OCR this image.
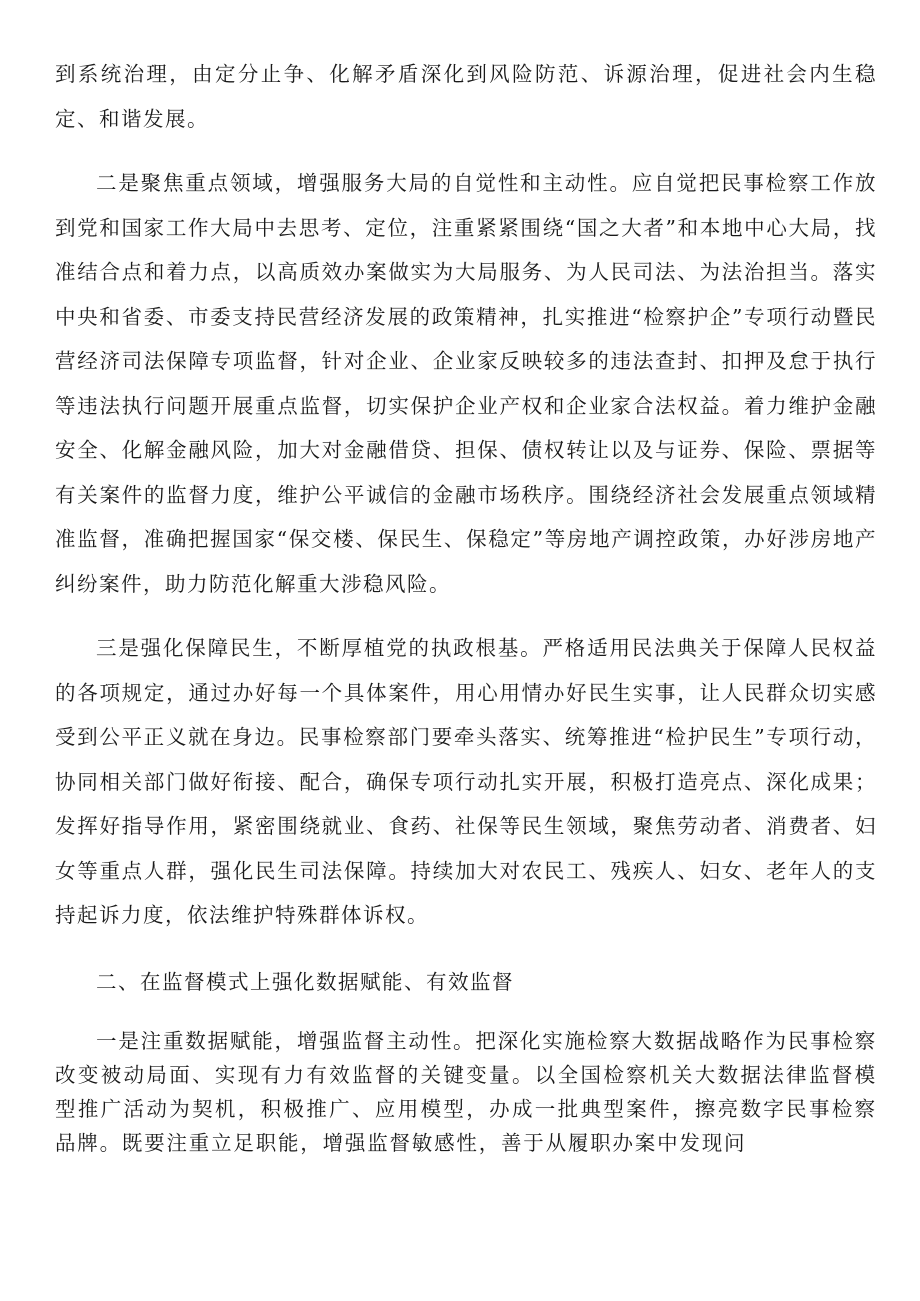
到系统治理，由定分止争、化解矛盾深化到风险防范、诉源治理，促进社会内生稳定、和谐发展。

二是聚焦重点领域，增强服务大局的自觉性和主动性。应自觉把民事检察工作放到党和国家工作大局中去思考、定位，注重紧紧围绕“国之大者”和本地中心大局，找准结合点和着力点，以高质效办案做实为大局服务、为人民司法、为法治担当。落实中央和省委、市委支持民营经济发展的政策精神，扎实推进“检察护企”专项行动暨民营经济司法保障专项监督，针对企业、企业家反映较多的违法查封、扣押及怠于执行等违法执行问题开展重点监督，切实保护企业产权和企业家合法权益。着力维护金融安全、化解金融风险，加大对金融借贷、担保、债权转让以及与证券、保险、票据等有关案件的监督力度，维护公平诚信的金融市场秩序。围绕经济社会发展重点领域精准监督，准确把握国家“保交楼、保民生、保稳定”等房地产调控政策，办好涉房地产纠纷案件，助力防范化解重大涉稳风险。

三是强化保障民生，不断厚植党的执政根基。严格适用民法典关于保障人民权益的各项规定，通过办好每一个具体案件，用心用情办好民生实事，让人民群众切实感受到公平正义就在身边。民事检察部门要牵头落实、统筹推进“检护民生”专项行动，协同相关部门做好衔接、配合，确保专项行动扎实开展，积极打造亮点、深化成果；发挥好指导作用，紧密围绕就业、食药、社保等民生领域，聚焦劳动者、消费者、妇女等重点人群，强化民生司法保障。持续加大对农民工、残疾人、妇女、老年人的支持起诉力度，依法维护特殊群体诉权。

二、在监督模式上强化数据赋能、有效监督

一是注重数据赋能，增强监督主动性。把深化实施检察大数据战略作为民事检察改变被动局面、实现有力有效监督的关键变量。以全国检察机关大数据法律监督模型推广活动为契机，积极推广、应用模型，办成一批典型案件，擦亮数字民事检察品牌。既要注重立足职能，增强监督敏感性，善于从履职办案中发现问
